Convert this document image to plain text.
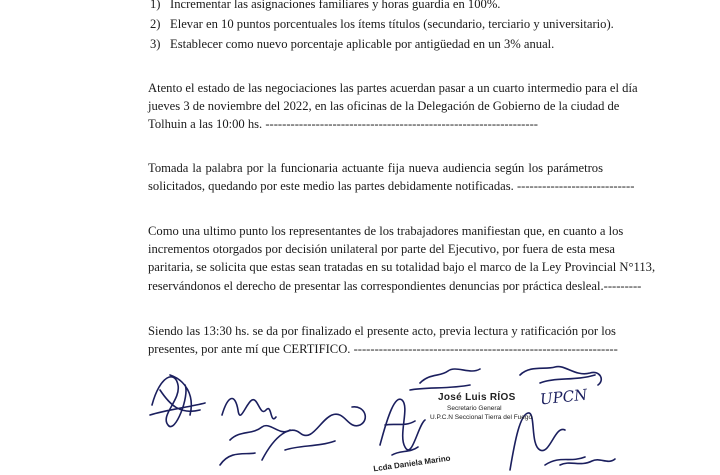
1) Incrementar las asignaciones familiares y horas guardia en 100%.
2) Elevar en 10 puntos porcentuales los ítems títulos (secundario, terciario y universitario).
3) Establecer como nuevo porcentaje aplicable por antigüedad en un 3% anual.
Atento el estado de las negociaciones las partes acuerdan pasar a un cuarto intermedio para el día
jueves 3 de noviembre del 2022, en las oficinas de la Delegación de Gobierno de la ciudad de
Tolhuin a las 10:00 hs. -----------------------------------------------------------------
Tomada la palabra por la funcionaria actuante fija nueva audiencia según los parámetros
solicitados, quedando por este medio las partes debidamente notificadas. ----------------------------
Como una ultimo punto los representantes de los trabajadores manifiestan que, en cuanto a los
incrementos otorgados por decisión unilateral por parte del Ejecutivo, por fuera de esta mesa
paritaria, se solicita que estas sean tratadas en su totalidad bajo el marco de la Ley Provincial N°113,
reservándonos el derecho de presentar las correspondientes denuncias por práctica desleal.---------
Siendo las 13:30 hs. se da por finalizado el presente acto, previa lectura y ratificación por los
presentes, por ante mí que CERTIFICO. ---------------------------------------------------------------
José Luis RÍOS
Secretario General
U.P.C.N Seccional Tierra del Fuego
Lcda Daniela Marino
UPCN
